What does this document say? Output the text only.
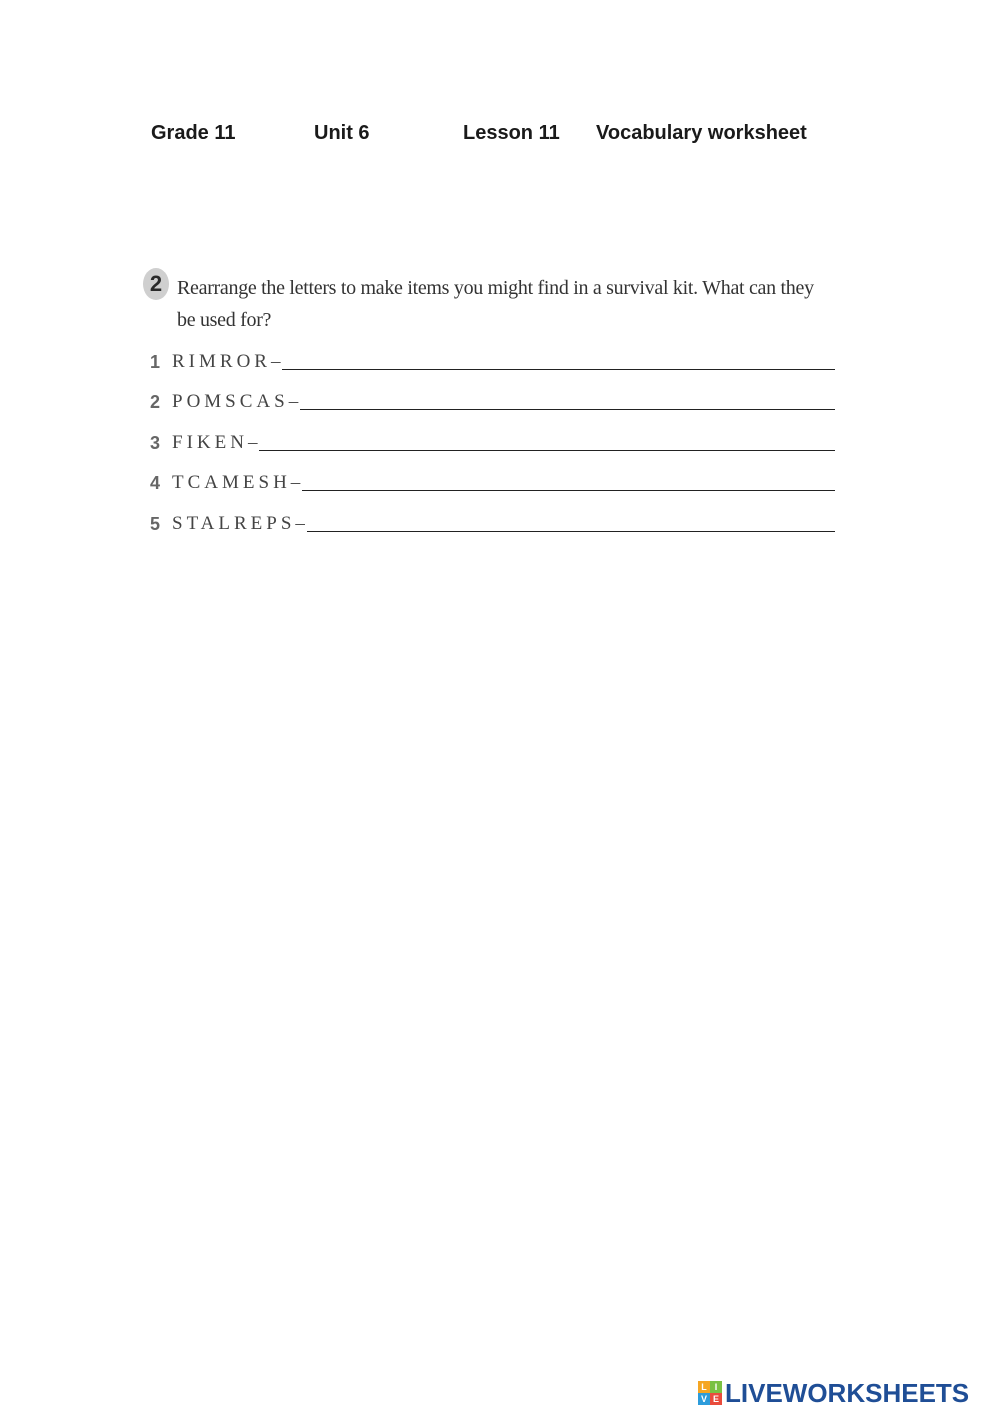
Grade 11	Unit 6	Lesson 11 Vocabulary worksheet
2 Rearrange the letters to make items you might find in a survival kit. What can they be used for?
1 RIMROR –
2 POMSCAS –
3 FIKEN –
4 TCAMESH –
5 STALREPS –
L I
V E LIVEWORKSHEETS
